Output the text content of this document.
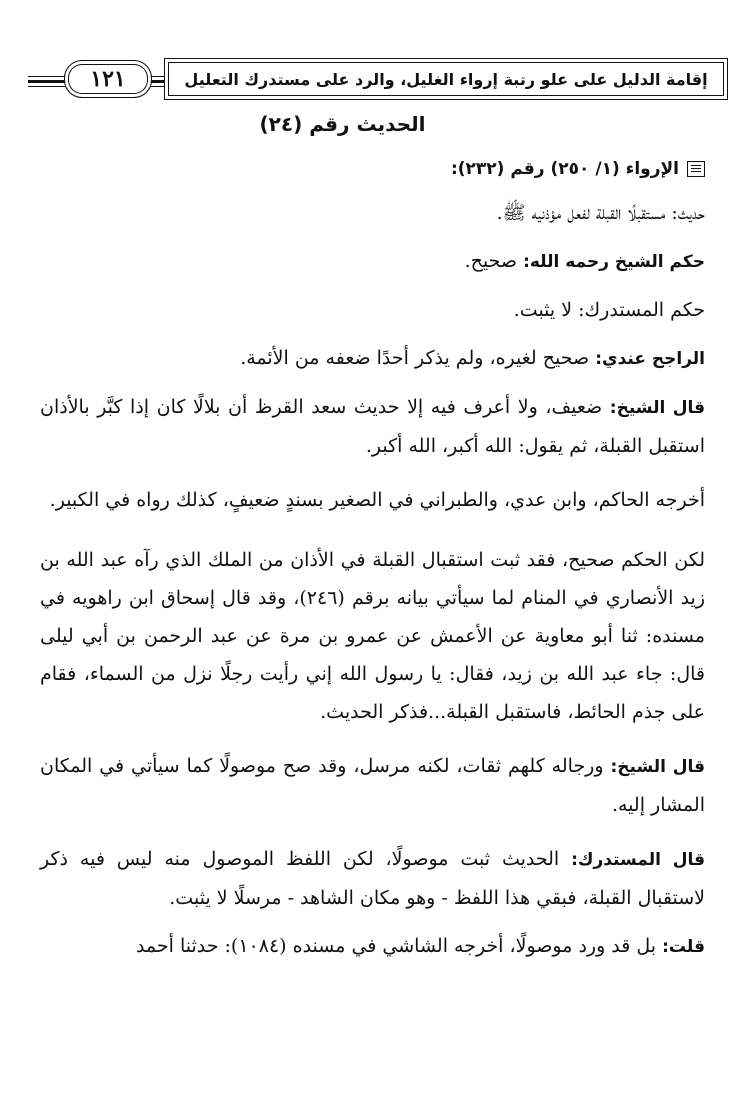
١٢١	إقامة الدليل على علو رتبة إرواء الغليل، والرد على مستدرك التعليل
الحديث رقم (٢٤)

الإرواء (١/ ٢٥٠) رقم (٢٣٢):

حديث: مستقبلًا القبلة لفعل مؤذنيه ﷺ.

حكم الشيخ رحمه الله: صحيح.

حكم المستدرك: لا يثبت.

الراجح عندي: صحيح لغيره، ولم يذكر أحدًا ضعفه من الأئمة.

قال الشيخ: ضعيف، ولا أعرف فيه إلا حديث سعد القرظ أن بلالًا كان إذا كبَّر بالأذان استقبل القبلة، ثم يقول: الله أكبر، الله أكبر.

أخرجه الحاكم، وابن عدي، والطبراني في الصغير بسندٍ ضعيفٍ، كذلك رواه في الكبير.

لكن الحكم صحيح، فقد ثبت استقبال القبلة في الأذان من الملك الذي رآه عبد الله بن زيد الأنصاري في المنام لما سيأتي بيانه برقم (٢٤٦)، وقد قال إسحاق ابن راهويه في مسنده: ثنا أبو معاوية عن الأعمش عن عمرو بن مرة عن عبد الرحمن بن أبي ليلى قال: جاء عبد الله بن زيد، فقال: يا رسول الله إني رأيت رجلًا نزل من السماء، فقام على جذم الحائط، فاستقبل القبلة...فذكر الحديث.

قال الشيخ: ورجاله كلهم ثقات، لكنه مرسل، وقد صح موصولًا كما سيأتي في المكان المشار إليه.

قال المستدرك: الحديث ثبت موصولًا، لكن اللفظ الموصول منه ليس فيه ذكر لاستقبال القبلة، فبقي هذا اللفظ - وهو مكان الشاهد - مرسلًا لا يثبت.

قلت: بل قد ورد موصولًا، أخرجه الشاشي في مسنده (١٠٨٤): حدثنا أحمد
